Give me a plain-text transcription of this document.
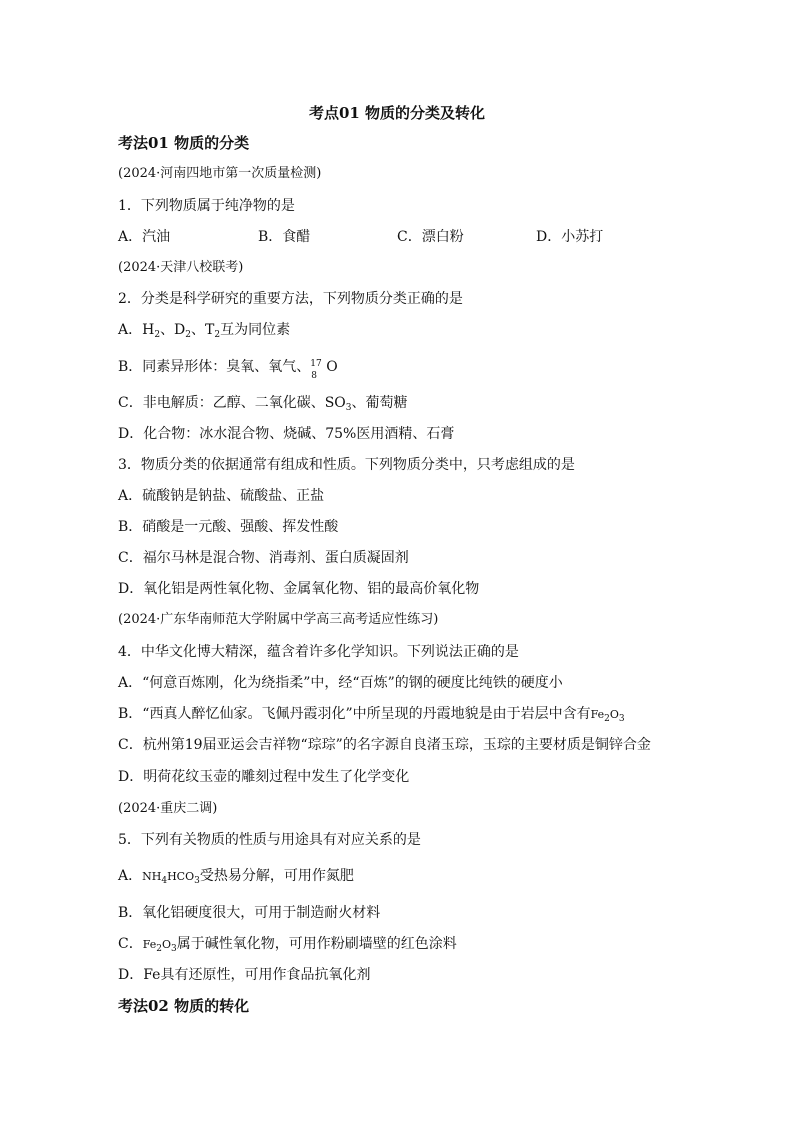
考点01 物质的分类及转化
考法01 物质的分类
(2024·河南四地市第一次质量检测)
1．下列物质属于纯净物的是
A．汽油	B．食醋	C．漂白粉	D．小苏打
(2024·天津八校联考)
2．分类是科学研究的重要方法，下列物质分类正确的是
A．$H_2$、$D_2$、$T_2$互为同位素
B．同素异形体：臭氧、氧气、 17
8
O
C．非电解质：乙醇、二氧化碳、$SO_3$、葡萄糖
D．化合物：冰水混合物、烧碱、75%医用酒精、石膏
3．物质分类的依据通常有组成和性质。下列物质分类中，只考虑组成的是
A．硫酸钠是钠盐、硫酸盐、正盐
B．硝酸是一元酸、强酸、挥发性酸
C．福尔马林是混合物、消毒剂、蛋白质凝固剂
D．氧化铝是两性氧化物、金属氧化物、铝的最高价氧化物
(2024·广东华南师范大学附属中学高三高考适应性练习)
4．中华文化博大精深，蕴含着许多化学知识。下列说法正确的是
A．“何意百炼刚，化为绕指柔”中，经“百炼”的钢的硬度比纯铁的硬度小
B．“西真人醉忆仙家。飞佩丹霞羽化”中所呈现的丹霞地貌是由于岩层中含有$Fe_2O_3$
C．杭州第19届亚运会吉祥物“琮琮”的名字源自良渚玉琮，玉琮的主要材质是铜锌合金
D．明荷花纹玉壶的雕刻过程中发生了化学变化
(2024·重庆二调)
5．下列有关物质的性质与用途具有对应关系的是
A．$NH_4HCO_3$受热易分解，可用作氮肥
B．氧化铝硬度很大，可用于制造耐火材料
C．$Fe_2O_3$属于碱性氧化物，可用作粉刷墙壁的红色涂料
D．Fe具有还原性，可用作食品抗氧化剂
考法02 物质的转化
